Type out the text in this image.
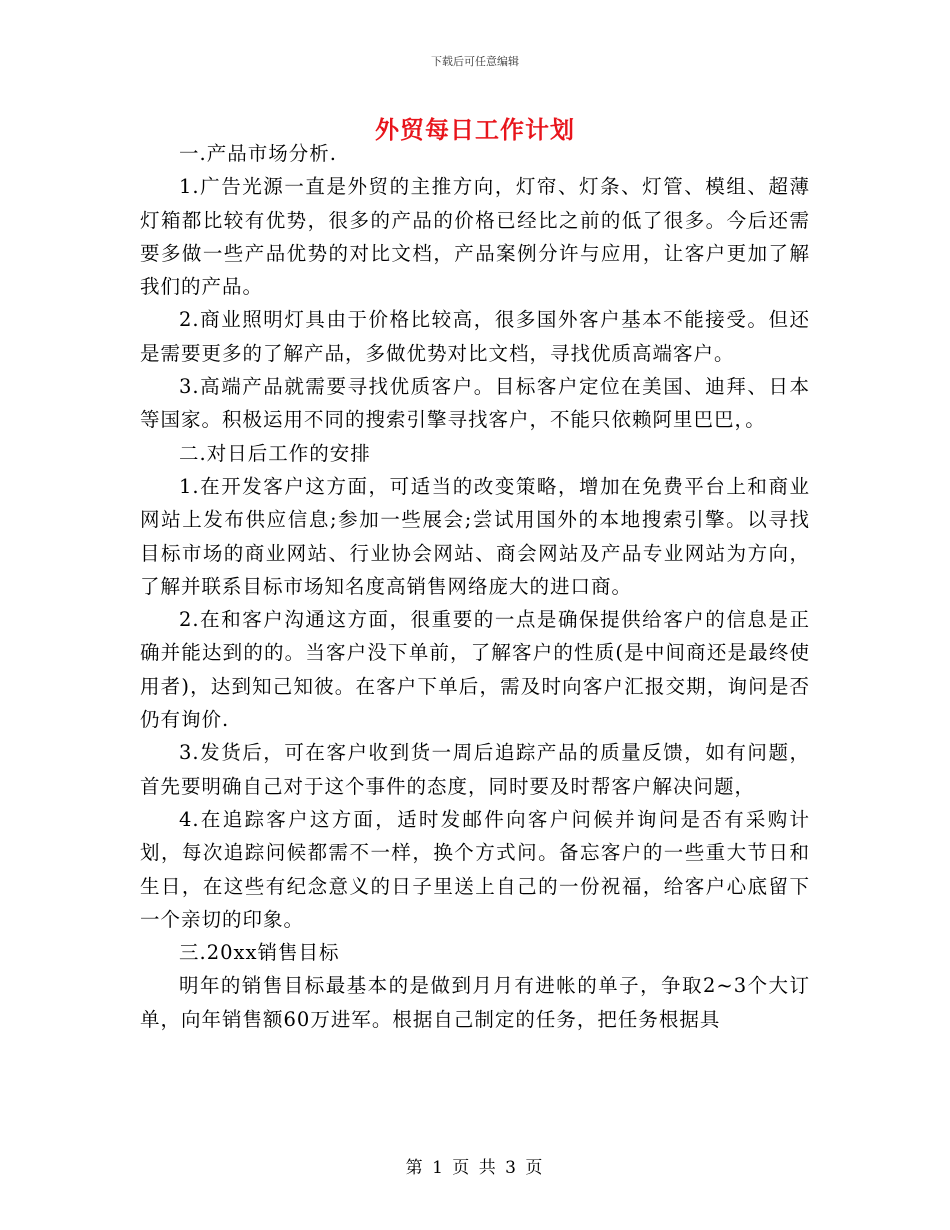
下载后可任意编辑
外贸每日工作计划

一.产品市场分析.

1.广告光源一直是外贸的主推方向，灯帘、灯条、灯管、模组、超薄灯箱都比较有优势，很多的产品的价格已经比之前的低了很多。今后还需要多做一些产品优势的对比文档，产品案例分许与应用，让客户更加了解我们的产品。

2.商业照明灯具由于价格比较高，很多国外客户基本不能接受。但还是需要更多的了解产品，多做优势对比文档，寻找优质高端客户。

3.高端产品就需要寻找优质客户。目标客户定位在美国、迪拜、日本等国家。积极运用不同的搜索引擎寻找客户，不能只依赖阿里巴巴，。

二.对日后工作的安排

1.在开发客户这方面，可适当的改变策略，增加在免费平台上和商业网站上发布供应信息;参加一些展会;尝试用国外的本地搜索引擎。以寻找目标市场的商业网站、行业协会网站、商会网站及产品专业网站为方向，了解并联系目标市场知名度高销售网络庞大的进口商。

2.在和客户沟通这方面，很重要的一点是确保提供给客户的信息是正确并能达到的的。当客户没下单前，了解客户的性质(是中间商还是最终使用者)，达到知己知彼。在客户下单后，需及时向客户汇报交期，询问是否仍有询价.

3.发货后，可在客户收到货一周后追踪产品的质量反馈，如有问题，首先要明确自己对于这个事件的态度，同时要及时帮客户解决问题，

4.在追踪客户这方面，适时发邮件向客户问候并询问是否有采购计划，每次追踪问候都需不一样，换个方式问。备忘客户的一些重大节日和生日，在这些有纪念意义的日子里送上自己的一份祝福，给客户心底留下一个亲切的印象。

三.20xx销售目标

明年的销售目标最基本的是做到月月有进帐的单子，争取2~3个大订单，向年销售额60万进军。根据自己制定的任务，把任务根据具

第 1 页 共 3 页
